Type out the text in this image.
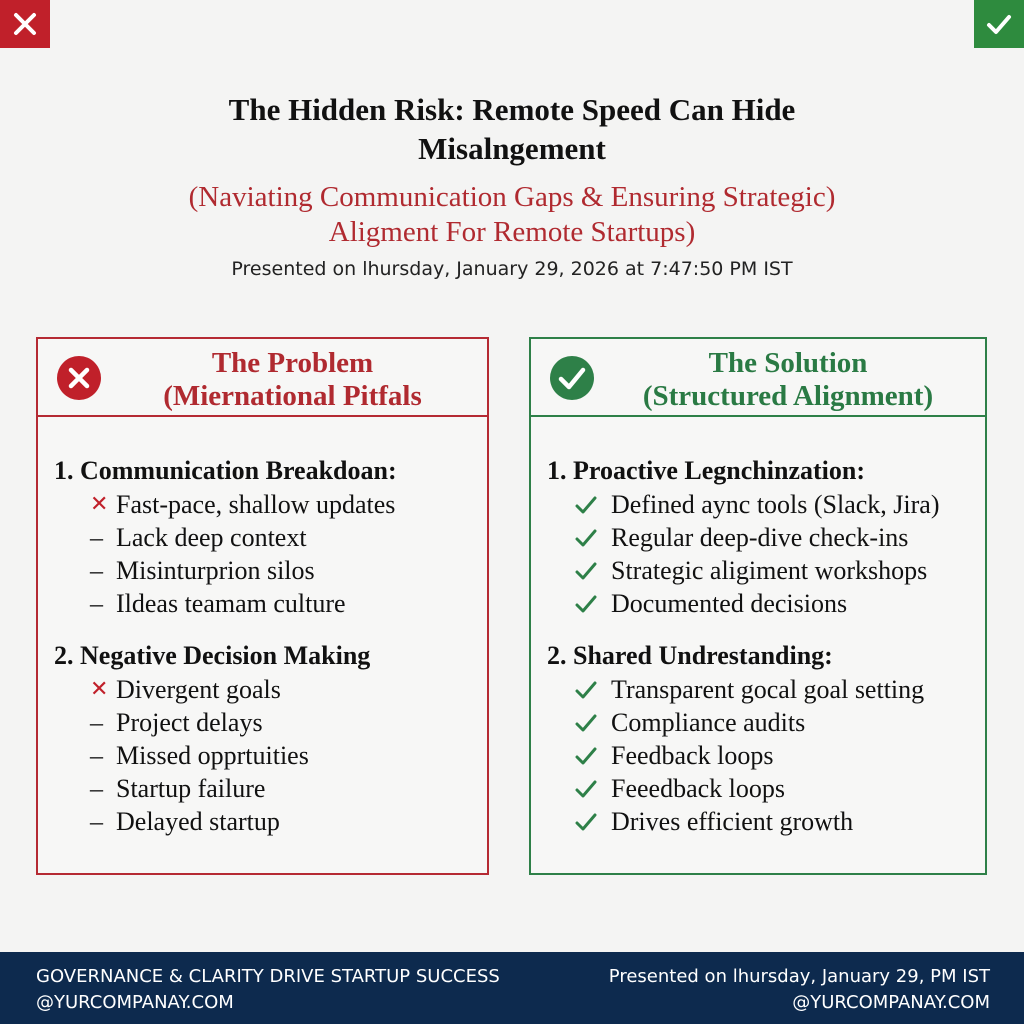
The Hidden Risk: Remote Speed Can Hide
Misalngement
(Naviating Communication Gaps & Ensuring Strategic)
Aligment For Remote Startups)
Presented on lhursday, January 29, 2026 at 7:47:50 PM IST
The Problem
(Miernational Pitfals
1. Communication Breakdoan:
✕ Fast-pace, shallow updates
– Lack deep context
– Misinturprion silos
– Ildeas teamam culture
2. Negative Decision Making
✕ Divergent goals
– Project delays
– Missed opprtuities
– Startup failure
– Delayed startup
The Solution
(Structured Alignment)
1. Proactive Legnchinzation:
Defined aync tools (Slack, Jira)
Regular deep-dive check-ins
Strategic aligiment workshops
Documented decisions
2. Shared Undrestanding:
Transparent gocal goal setting
Compliance audits
Feedback loops
Feeedback loops
Drives efficient growth
GOVERNANCE & CLARITY DRIVE STARTUP SUCCESS
@YURCOMPANAY.COM
Presented on lhursday, January 29, PM IST
@YURCOMPANAY.COM
